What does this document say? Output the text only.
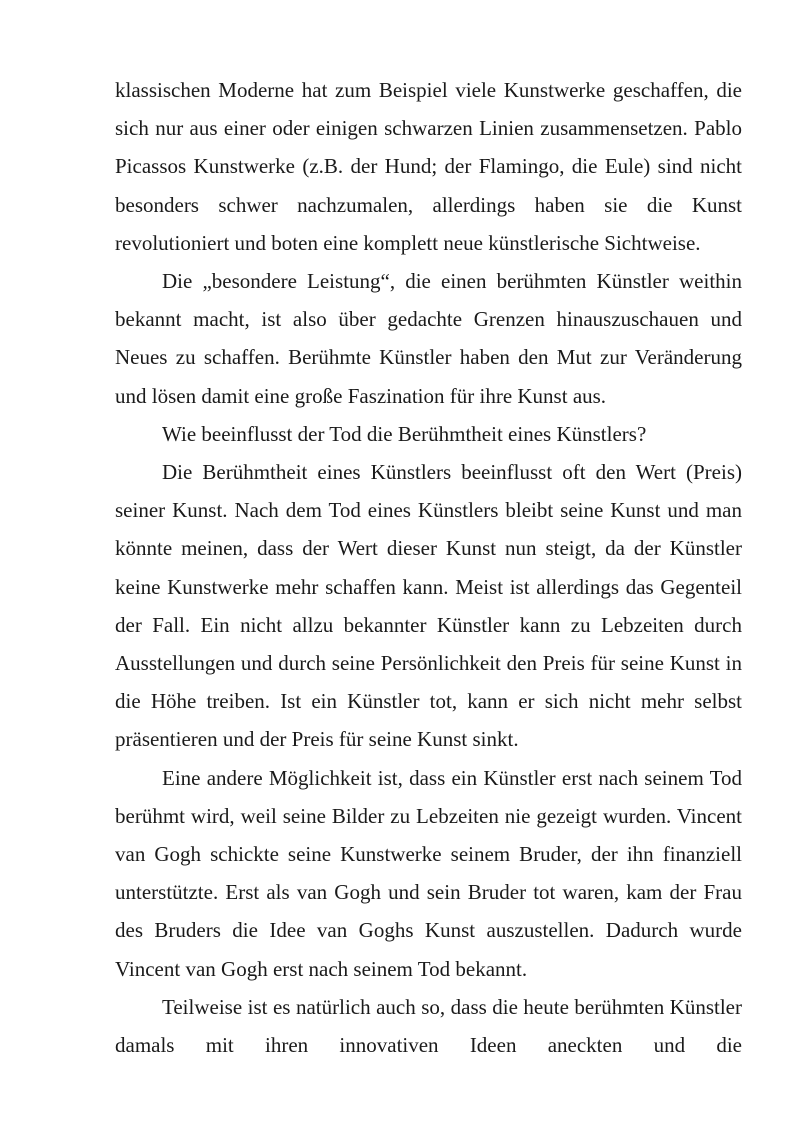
klassischen Moderne hat zum Beispiel viele Kunstwerke geschaffen, die sich nur aus einer oder einigen schwarzen Linien zusammensetzen. Pablo Picassos Kunstwerke (z.B. der Hund; der Flamingo, die Eule) sind nicht besonders schwer nachzumalen, allerdings haben sie die Kunst revolutioniert und boten eine komplett neue künstlerische Sichtweise.

Die „besondere Leistung“, die einen berühmten Künstler weithin bekannt macht, ist also über gedachte Grenzen hinauszuschauen und Neues zu schaffen. Berühmte Künstler haben den Mut zur Veränderung und lösen damit eine große Faszination für ihre Kunst aus.

Wie beeinflusst der Tod die Berühmtheit eines Künstlers?

Die Berühmtheit eines Künstlers beeinflusst oft den Wert (Preis) seiner Kunst. Nach dem Tod eines Künstlers bleibt seine Kunst und man könnte meinen, dass der Wert dieser Kunst nun steigt, da der Künstler keine Kunstwerke mehr schaffen kann. Meist ist allerdings das Gegenteil der Fall. Ein nicht allzu bekannter Künstler kann zu Lebzeiten durch Ausstellungen und durch seine Persönlichkeit den Preis für seine Kunst in die Höhe treiben. Ist ein Künstler tot, kann er sich nicht mehr selbst präsentieren und der Preis für seine Kunst sinkt.

Eine andere Möglichkeit ist, dass ein Künstler erst nach seinem Tod berühmt wird, weil seine Bilder zu Lebzeiten nie gezeigt wurden. Vincent van Gogh schickte seine Kunstwerke seinem Bruder, der ihn finanziell unterstützte. Erst als van Gogh und sein Bruder tot waren, kam der Frau des Bruders die Idee van Goghs Kunst auszustellen. Dadurch wurde Vincent van Gogh erst nach seinem Tod bekannt.

Teilweise ist es natürlich auch so, dass die heute berühmten Künstler damals mit ihren innovativen Ideen aneckten und die
